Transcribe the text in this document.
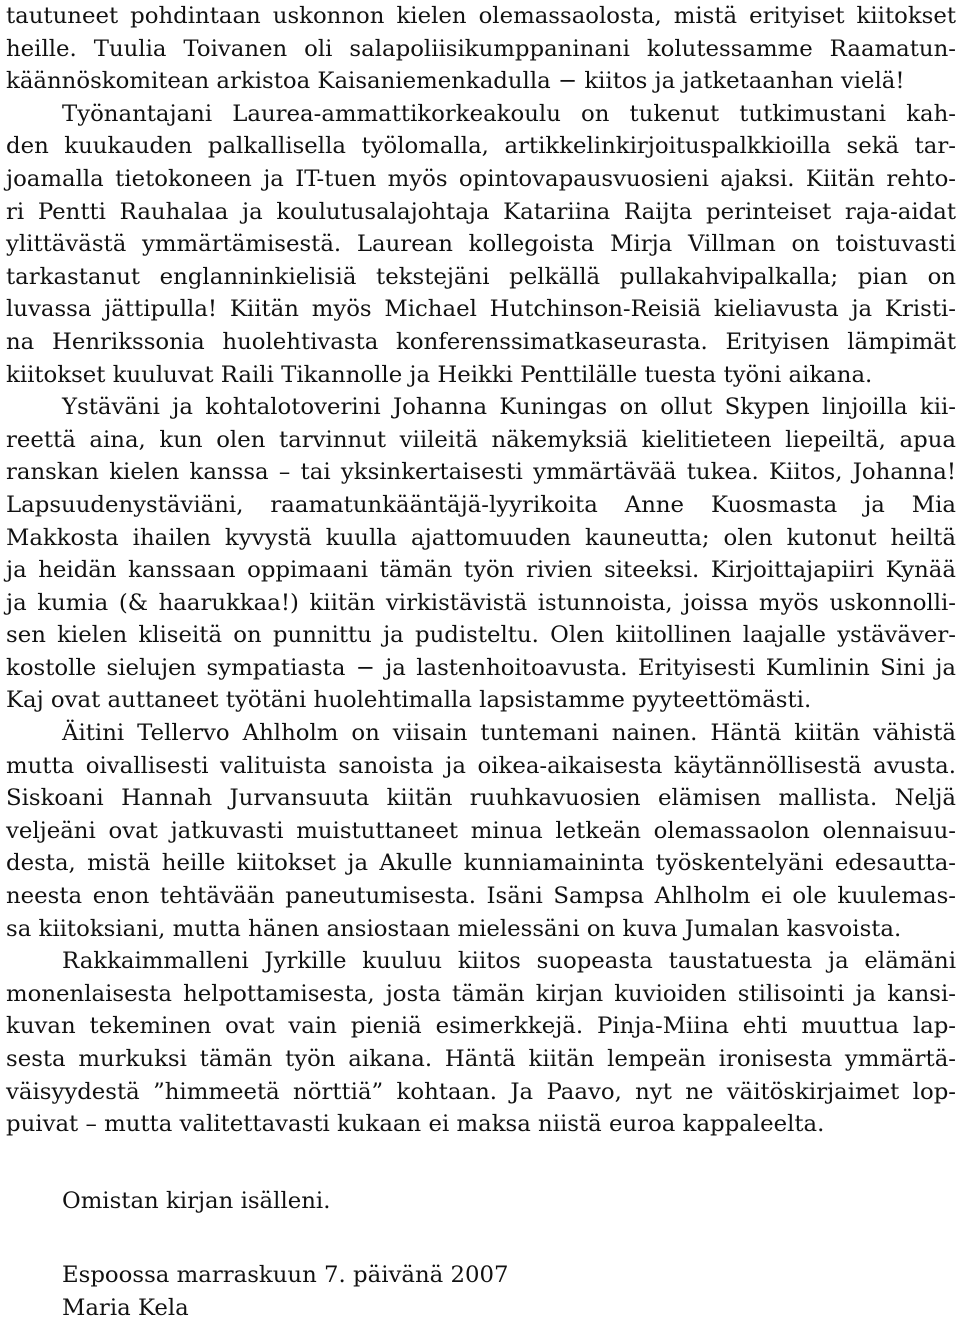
tautuneet pohdintaan uskonnon kielen olemassaolosta, mistä erityiset kiitokset
heille. Tuulia Toivanen oli salapoliisikumppaninani kolutessamme Raamatun-
käännöskomitean arkistoa Kaisaniemenkadulla − kiitos ja jatketaanhan vielä!
Työnantajani Laurea-ammattikorkeakoulu on tukenut tutkimustani kah-
den kuukauden palkallisella työlomalla, artikkelinkirjoituspalkkioilla sekä tar-
joamalla tietokoneen ja IT-tuen myös opintovapausvuosieni ajaksi. Kiitän rehto-
ri Pentti Rauhalaa ja koulutusalajohtaja Katariina Raijta perinteiset raja-aidat
ylittävästä ymmärtämisestä. Laurean kollegoista Mirja Villman on toistuvasti
tarkastanut englanninkielisiä tekstejäni pelkällä pullakahvipalkalla; pian on
luvassa jättipulla! Kiitän myös Michael Hutchinson-Reisiä kieliavusta ja Kristi-
na Henrikssonia huolehtivasta konferenssimatkaseurasta. Erityisen lämpimät
kiitokset kuuluvat Raili Tikannolle ja Heikki Penttilälle tuesta työni aikana.
Ystäväni ja kohtalotoverini Johanna Kuningas on ollut Skypen linjoilla kii-
reettä aina, kun olen tarvinnut viileitä näkemyksiä kielitieteen liepeiltä, apua
ranskan kielen kanssa – tai yksinkertaisesti ymmärtävää tukea. Kiitos, Johanna!
Lapsuudenystäviäni, raamatunkääntäjä-lyyrikoita Anne Kuosmasta ja Mia
Makkosta ihailen kyvystä kuulla ajattomuuden kauneutta; olen kutonut heiltä
ja heidän kanssaan oppimaani tämän työn rivien siteeksi. Kirjoittajapiiri Kynää
ja kumia (& haarukkaa!) kiitän virkistävistä istunnoista, joissa myös uskonnolli-
sen kielen kliseitä on punnittu ja pudisteltu. Olen kiitollinen laajalle ystäväver-
kostolle sielujen sympatiasta − ja lastenhoitoavusta. Erityisesti Kumlinin Sini ja
Kaj ovat auttaneet työtäni huolehtimalla lapsistamme pyyteettömästi.
Äitini Tellervo Ahlholm on viisain tuntemani nainen. Häntä kiitän vähistä
mutta oivallisesti valituista sanoista ja oikea-aikaisesta käytännöllisestä avusta.
Siskoani Hannah Jurvansuuta kiitän ruuhkavuosien elämisen mallista. Neljä
veljeäni ovat jatkuvasti muistuttaneet minua letkeän olemassaolon olennaisuu-
desta, mistä heille kiitokset ja Akulle kunniamaininta työskentelyäni edesautta-
neesta enon tehtävään paneutumisesta. Isäni Sampsa Ahlholm ei ole kuulemas-
sa kiitoksiani, mutta hänen ansiostaan mielessäni on kuva Jumalan kasvoista.
Rakkaimmalleni Jyrkille kuuluu kiitos suopeasta taustatuesta ja elämäni
monenlaisesta helpottamisesta, josta tämän kirjan kuvioiden stilisointi ja kansi-
kuvan tekeminen ovat vain pieniä esimerkkejä. Pinja-Miina ehti muuttua lap-
sesta murkuksi tämän työn aikana. Häntä kiitän lempeän ironisesta ymmärtä-
väisyydestä ”himmeetä nörttiä” kohtaan. Ja Paavo, nyt ne väitöskirjaimet lop-
puivat – mutta valitettavasti kukaan ei maksa niistä euroa kappaleelta.
Omistan kirjan isälleni.
Espoossa marraskuun 7. päivänä 2007
Maria Kela
